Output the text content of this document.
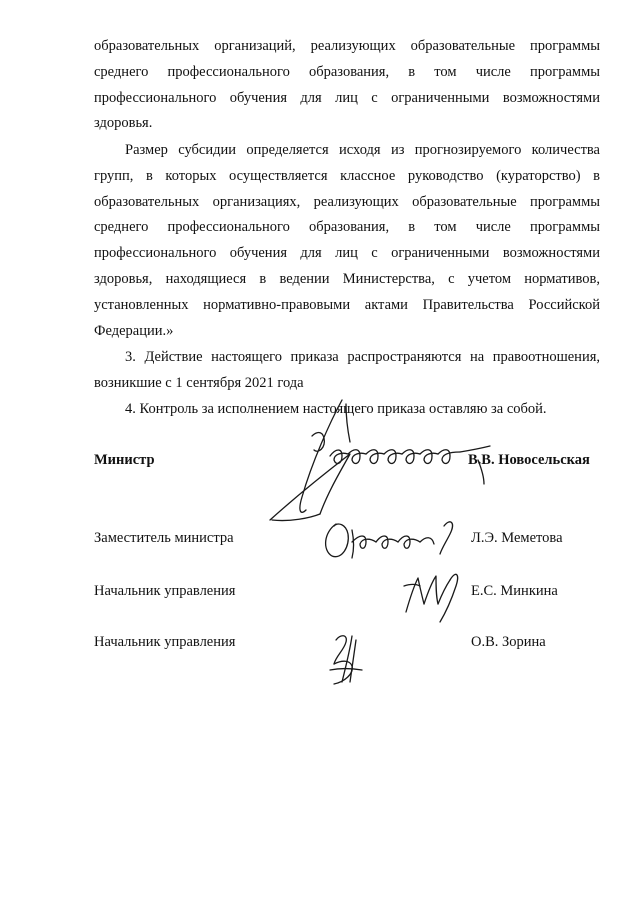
образовательных организаций, реализующих образовательные программы
среднего профессионального образования, в том числе программы
профессионального обучения для лиц с ограниченными возможностями
здоровья.
Размер субсидии определяется исходя из прогнозируемого количества
групп, в которых осуществляется классное руководство (кураторство) в
образовательных организациях, реализующих образовательные программы
среднего профессионального образования, в том числе программы
профессионального обучения для лиц с ограниченными возможностями
здоровья, находящиеся в ведении Министерства, с учетом нормативов,
установленных нормативно-правовыми актами Правительства Российской
Федерации.»
3. Действие настоящего приказа распространяются на правоотношения,
возникшие с 1 сентября 2021 года
4. Контроль за исполнением настоящего приказа оставляю за собой.
Министр	В.В. Новосельская
Заместитель министра	Л.Э. Меметова
Начальник управления	Е.С. Минкина
Начальник управления	О.В. Зорина
